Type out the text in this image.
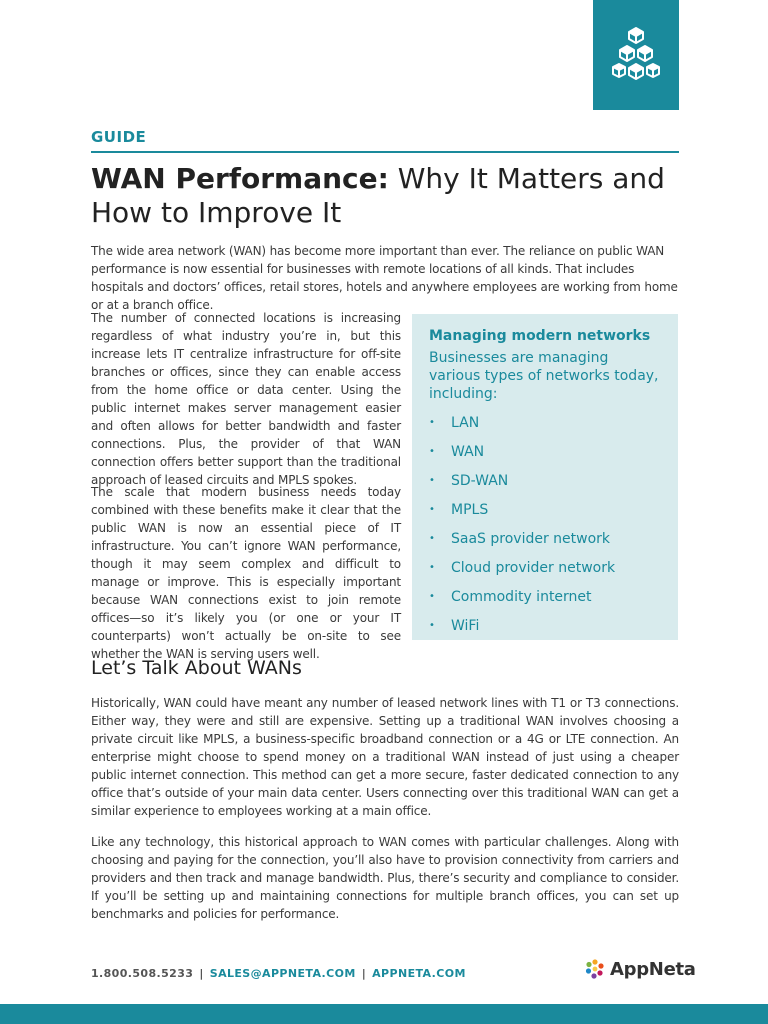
GUIDE
WAN Performance: Why It Matters and How to Improve It

The wide area network (WAN) has become more important than ever. The reliance on public WAN performance is now essential for businesses with remote locations of all kinds. That includes hospitals and doctors’ offices, retail stores, hotels and anywhere employees are working from home or at a branch office.

The number of connected locations is increasing regardless of what industry you’re in, but this increase lets IT centralize infrastructure for off-site branches or offices, since they can enable access from the home office or data center. Using the public internet makes server management easier and often allows for better bandwidth and faster connections. Plus, the provider of that WAN connection offers better support than the traditional approach of leased circuits and MPLS spokes.

The scale that modern business needs today combined with these benefits make it clear that the public WAN is now an essential piece of IT infrastructure. You can’t ignore WAN performance, though it may seem complex and difficult to manage or improve. This is especially important because WAN connections exist to join remote offices—so it’s likely you (or one or your IT counterparts) won’t actually be on-site to see whether the WAN is serving users well.

Managing modern networks

Businesses are managing various types of networks today, including:

• LAN
• WAN
• SD-WAN
• MPLS
• SaaS provider network
• Cloud provider network
• Commodity internet
• WiFi
Let’s Talk About WANs

Historically, WAN could have meant any number of leased network lines with T1 or T3 connections. Either way, they were and still are expensive. Setting up a traditional WAN involves choosing a private circuit like MPLS, a business-specific broadband connection or a 4G or LTE connection. An enterprise might choose to spend money on a traditional WAN instead of just using a cheaper public internet connection. This method can get a more secure, faster dedicated connection to any office that’s outside of your main data center. Users connecting over this traditional WAN can get a similar experience to employees working at a main office.

Like any technology, this historical approach to WAN comes with particular challenges. Along with choosing and paying for the connection, you’ll also have to provision connectivity from carriers and providers and then track and manage bandwidth. Plus, there’s security and compliance to consider. If you’ll be setting up and maintaining connections for multiple branch offices, you can set up benchmarks and policies for performance.

1.800.508.5233 | SALES@APPNETA.COM | APPNETA.COM	AppNeta
